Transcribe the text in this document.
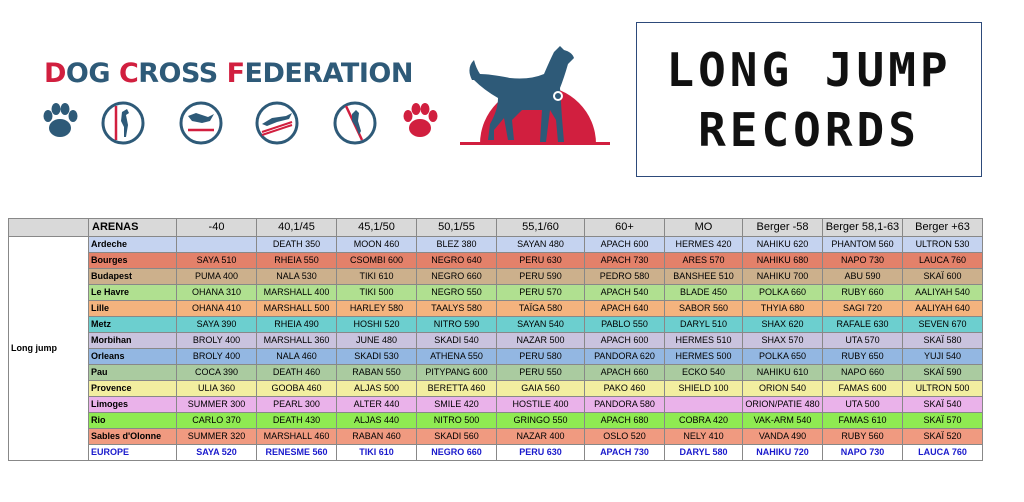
DOG CROSS FEDERATION	LONG JUMP
RECORDS
	ARENAS	-40	40,1/45	45,1/50	50,1/55	55,1/60	60+	MO	Berger -58	Berger 58,1-63	Berger +63
Long jump	Ardeche		DEATH 350	MOON 460	BLEZ 380	SAYAN 480	APACH 600	HERMES 420	NAHIKU 620	PHANTOM 560	ULTRON 530
	Bourges	SAYA 510	RHEIA 550	CSOMBI 600	NEGRO 640	PERU 630	APACH 730	ARES 570	NAHIKU 680	NAPO 730	LAUCA 760
	Budapest	PUMA 400	NALA 530	TIKI 610	NEGRO 660	PERU 590	PEDRO 580	BANSHEE 510	NAHIKU 700	ABU 590	SKAÏ 600
	Le Havre	OHANA 310	MARSHALL 400	TIKI 500	NEGRO 550	PERU 570	APACH 540	BLADE 450	POLKA 660	RUBY 660	AALIYAH 540
	Lille	OHANA 410	MARSHALL 500	HARLEY 580	TAALYS 580	TAÏGA 580	APACH 640	SABOR 560	THYIA 680	SAGI 720	AALIYAH 640
	Metz	SAYA 390	RHEIA 490	HOSHI 520	NITRO 590	SAYAN 540	PABLO 550	DARYL 510	SHAX 620	RAFALE 630	SEVEN 670
	Morbihan	BROLY 400	MARSHALL 360	JUNE 480	SKADI 540	NAZAR 500	APACH 600	HERMES 510	SHAX 570	UTA 570	SKAÏ 580
	Orleans	BROLY 400	NALA 460	SKADI 530	ATHENA 550	PERU 580	PANDORA 620	HERMES 500	POLKA 650	RUBY 650	YUJI 540
	Pau	COCA 390	DEATH 460	RABAN 550	PITYPANG 600	PERU 550	APACH 660	ECKO 540	NAHIKU 610	NAPO 660	SKAÏ 590
	Provence	ULIA 360	GOOBA 460	ALJAS 500	BERETTA 460	GAIA 560	PAKO 460	SHIELD 100	ORION 540	FAMAS 600	ULTRON 500
	Limoges	SUMMER 300	PEARL 300	ALTER 440	SMILE 420	HOSTILE 400	PANDORA 580		ORION/PATIE 480	UTA 500	SKAÏ 540
	Rio	CARLO 370	DEATH 430	ALJAS 440	NITRO 500	GRINGO 550	APACH 680	COBRA 420	VAK-ARM 540	FAMAS 610	SKAÏ 570
	Sables d'Olonne	SUMMER 320	MARSHALL 460	RABAN 460	SKADI 560	NAZAR 400	OSLO 520	NELY 410	VANDA 490	RUBY 560	SKAÏ 520
	EUROPE	SAYA 520	RENESME 560	TIKI 610	NEGRO 660	PERU 630	APACH 730	DARYL 580	NAHIKU 720	NAPO 730	LAUCA 760
